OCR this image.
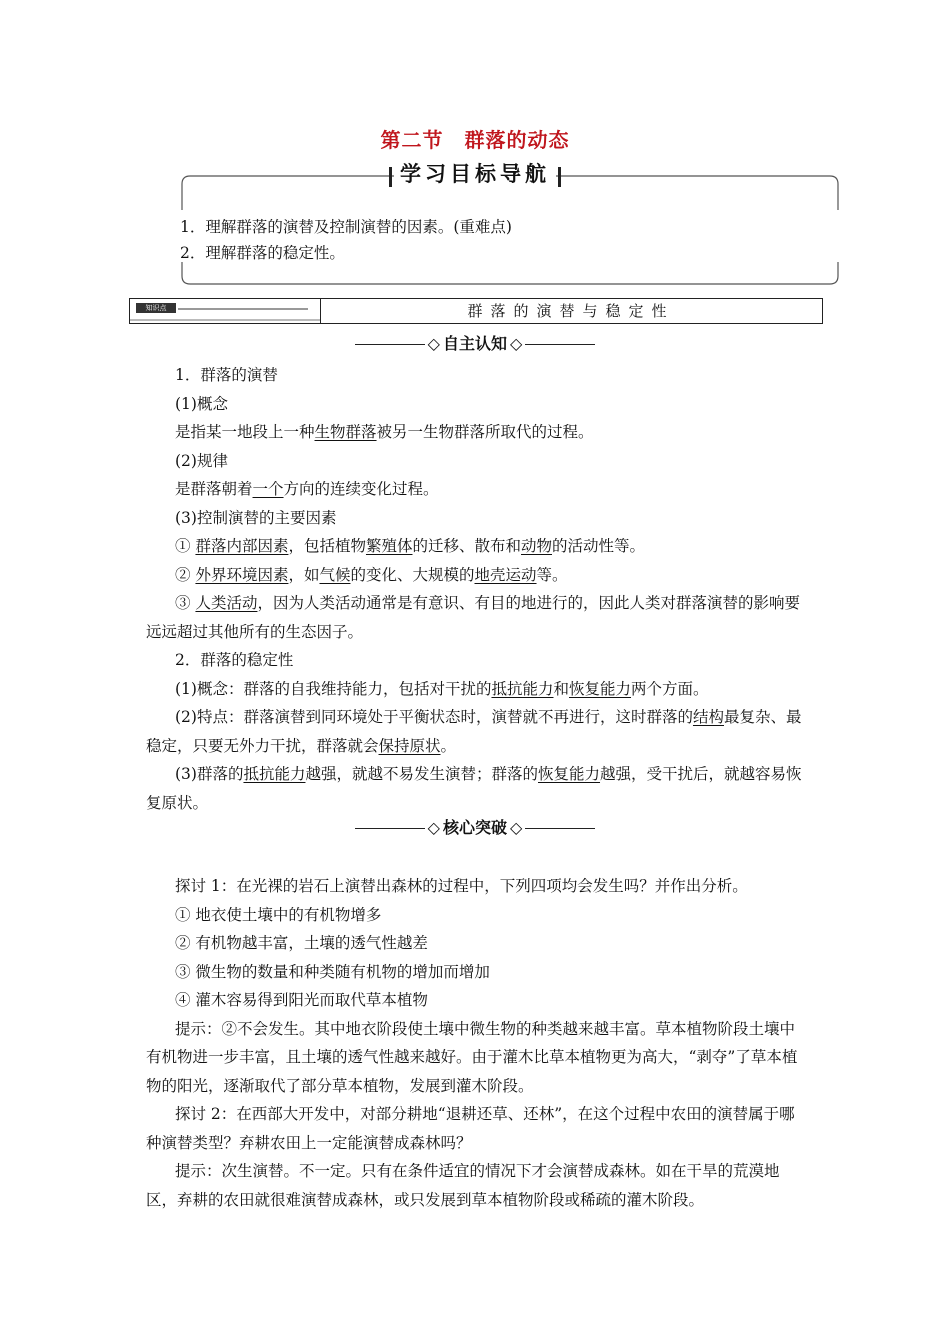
第二节　群落的动态
学习目标导航
1．理解群落的演替及控制演替的因素。(重难点)
2．理解群落的稳定性。
知识点	群落的演替与稳定性
◇ 自主认知 ◇

1．群落的演替

(1)概念

是指某一地段上一种生物群落被另一生物群落所取代的过程。

(2)规律

是群落朝着一个方向的连续变化过程。

(3)控制演替的主要因素

① 群落内部因素，包括植物繁殖体的迁移、散布和动物的活动性等。

② 外界环境因素，如气候的变化、大规模的地壳运动等。

③ 人类活动，因为人类活动通常是有意识、有目的地进行的，因此人类对群落演替的影响要远远超过其他所有的生态因子。

2．群落的稳定性

(1)概念：群落的自我维持能力，包括对干扰的抵抗能力和恢复能力两个方面。

(2)特点：群落演替到同环境处于平衡状态时，演替就不再进行，这时群落的结构最复杂、最稳定，只要无外力干扰，群落就会保持原状。

(3)群落的抵抗能力越强，就越不易发生演替；群落的恢复能力越强，受干扰后，就越容易恢复原状。

◇ 核心突破 ◇

探讨 1：在光裸的岩石上演替出森林的过程中，下列四项均会发生吗？并作出分析。

① 地衣使土壤中的有机物增多

② 有机物越丰富，土壤的透气性越差

③ 微生物的数量和种类随有机物的增加而增加

④ 灌木容易得到阳光而取代草本植物

提示：②不会发生。其中地衣阶段使土壤中微生物的种类越来越丰富。草本植物阶段土壤中有机物进一步丰富，且土壤的透气性越来越好。由于灌木比草本植物更为高大，“剥夺”了草本植物的阳光，逐渐取代了部分草本植物，发展到灌木阶段。

探讨 2：在西部大开发中，对部分耕地“退耕还草、还林”，在这个过程中农田的演替属于哪种演替类型？弃耕农田上一定能演替成森林吗？

提示：次生演替。不一定。只有在条件适宜的情况下才会演替成森林。如在干旱的荒漠地区，弃耕的农田就很难演替成森林，或只发展到草本植物阶段或稀疏的灌木阶段。
